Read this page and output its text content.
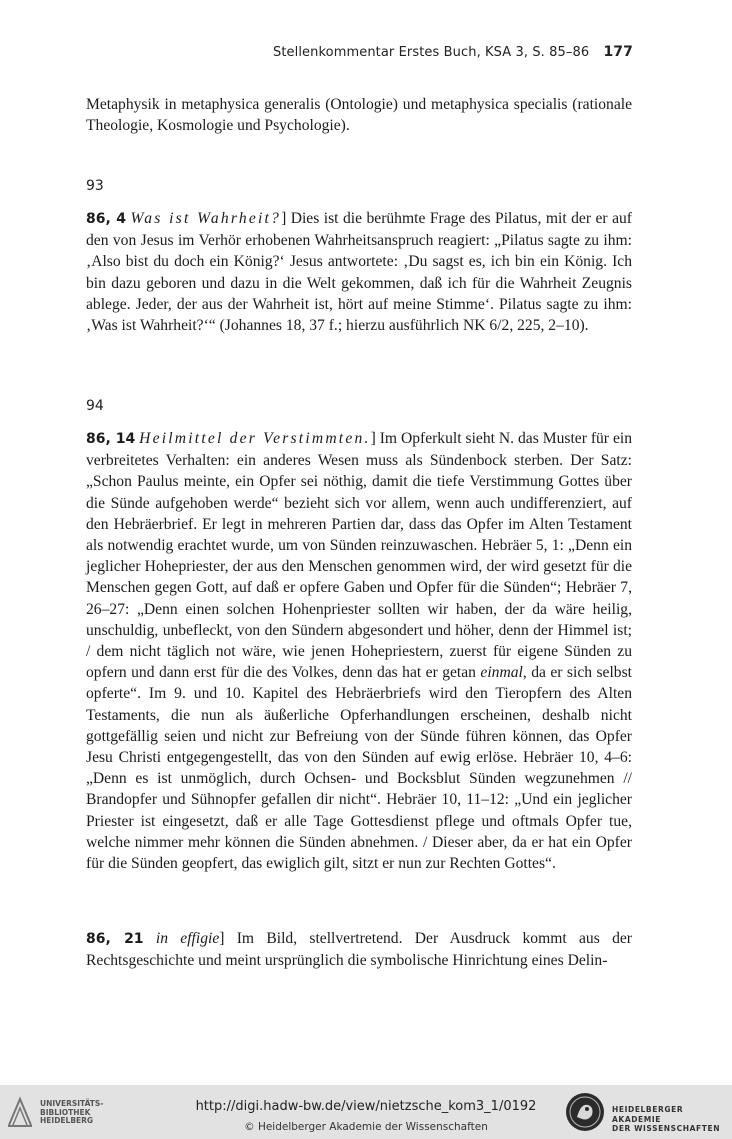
Stellenkommentar Erstes Buch, KSA 3, S. 85–86 177

Metaphysik in metaphysica generalis (Ontologie) und metaphysica specialis (rationale Theologie, Kosmologie und Psychologie).

93

86, 4 Was ist Wahrheit?] Dies ist die berühmte Frage des Pilatus, mit der er auf den von Jesus im Verhör erhobenen Wahrheitsanspruch reagiert: „Pilatus sagte zu ihm: ‚Also bist du doch ein König?‘ Jesus antwortete: ‚Du sagst es, ich bin ein König. Ich bin dazu geboren und dazu in die Welt gekommen, daß ich für die Wahrheit Zeugnis ablege. Jeder, der aus der Wahrheit ist, hört auf meine Stimme‘. Pilatus sagte zu ihm: ‚Was ist Wahrheit?‘“ (Johannes 18, 37 f.; hierzu ausführlich NK 6/2, 225, 2–10).

94

86, 14 Heilmittel der Verstimmten.] Im Opferkult sieht N. das Muster für ein verbreitetes Verhalten: ein anderes Wesen muss als Sündenbock sterben. Der Satz: „Schon Paulus meinte, ein Opfer sei nöthig, damit die tiefe Verstimmung Gottes über die Sünde aufgehoben werde“ bezieht sich vor allem, wenn auch undifferenziert, auf den Hebräerbrief. Er legt in mehreren Partien dar, dass das Opfer im Alten Testament als notwendig erachtet wurde, um von Sünden reinzuwaschen. Hebräer 5, 1: „Denn ein jeglicher Hohepriester, der aus den Menschen genommen wird, der wird gesetzt für die Menschen gegen Gott, auf daß er opfere Gaben und Opfer für die Sünden“; Hebräer 7, 26–27: „Denn einen solchen Hohenpriester sollten wir haben, der da wäre heilig, unschuldig, unbefleckt, von den Sündern abgesondert und höher, denn der Himmel ist; / dem nicht täglich not wäre, wie jenen Hohepriestern, zuerst für eigene Sünden zu opfern und dann erst für die des Volkes, denn das hat er getan einmal, da er sich selbst opferte“. Im 9. und 10. Kapitel des Hebräerbriefs wird den Tieropfern des Alten Testaments, die nun als äußerliche Opferhandlungen erscheinen, deshalb nicht gottgefällig seien und nicht zur Befreiung von der Sünde führen können, das Opfer Jesu Christi entgegengestellt, das von den Sünden auf ewig erlöse. Hebräer 10, 4–6: „Denn es ist unmöglich, durch Ochsen- und Bocksblut Sünden wegzunehmen // Brandopfer und Sühnopfer gefallen dir nicht“. Hebräer 10, 11–12: „Und ein jeglicher Priester ist eingesetzt, daß er alle Tage Gottesdienst pflege und oftmals Opfer tue, welche nimmer mehr können die Sünden abnehmen. / Dieser aber, da er hat ein Opfer für die Sünden geopfert, das ewiglich gilt, sitzt er nun zur Rechten Gottes“.

86, 21 in effigie] Im Bild, stellvertretend. Der Ausdruck kommt aus der Rechtsgeschichte und meint ursprünglich die symbolische Hinrichtung eines Delin-

UNIVERSITÄTS-
BIBLIOTHEK
HEIDELBERG
http://digi.hadw-bw.de/view/nietzsche_kom3_1/0192
© Heidelberger Akademie der Wissenschaften
HEIDELBERGER AKADEMIE
DER WISSENSCHAFTEN
